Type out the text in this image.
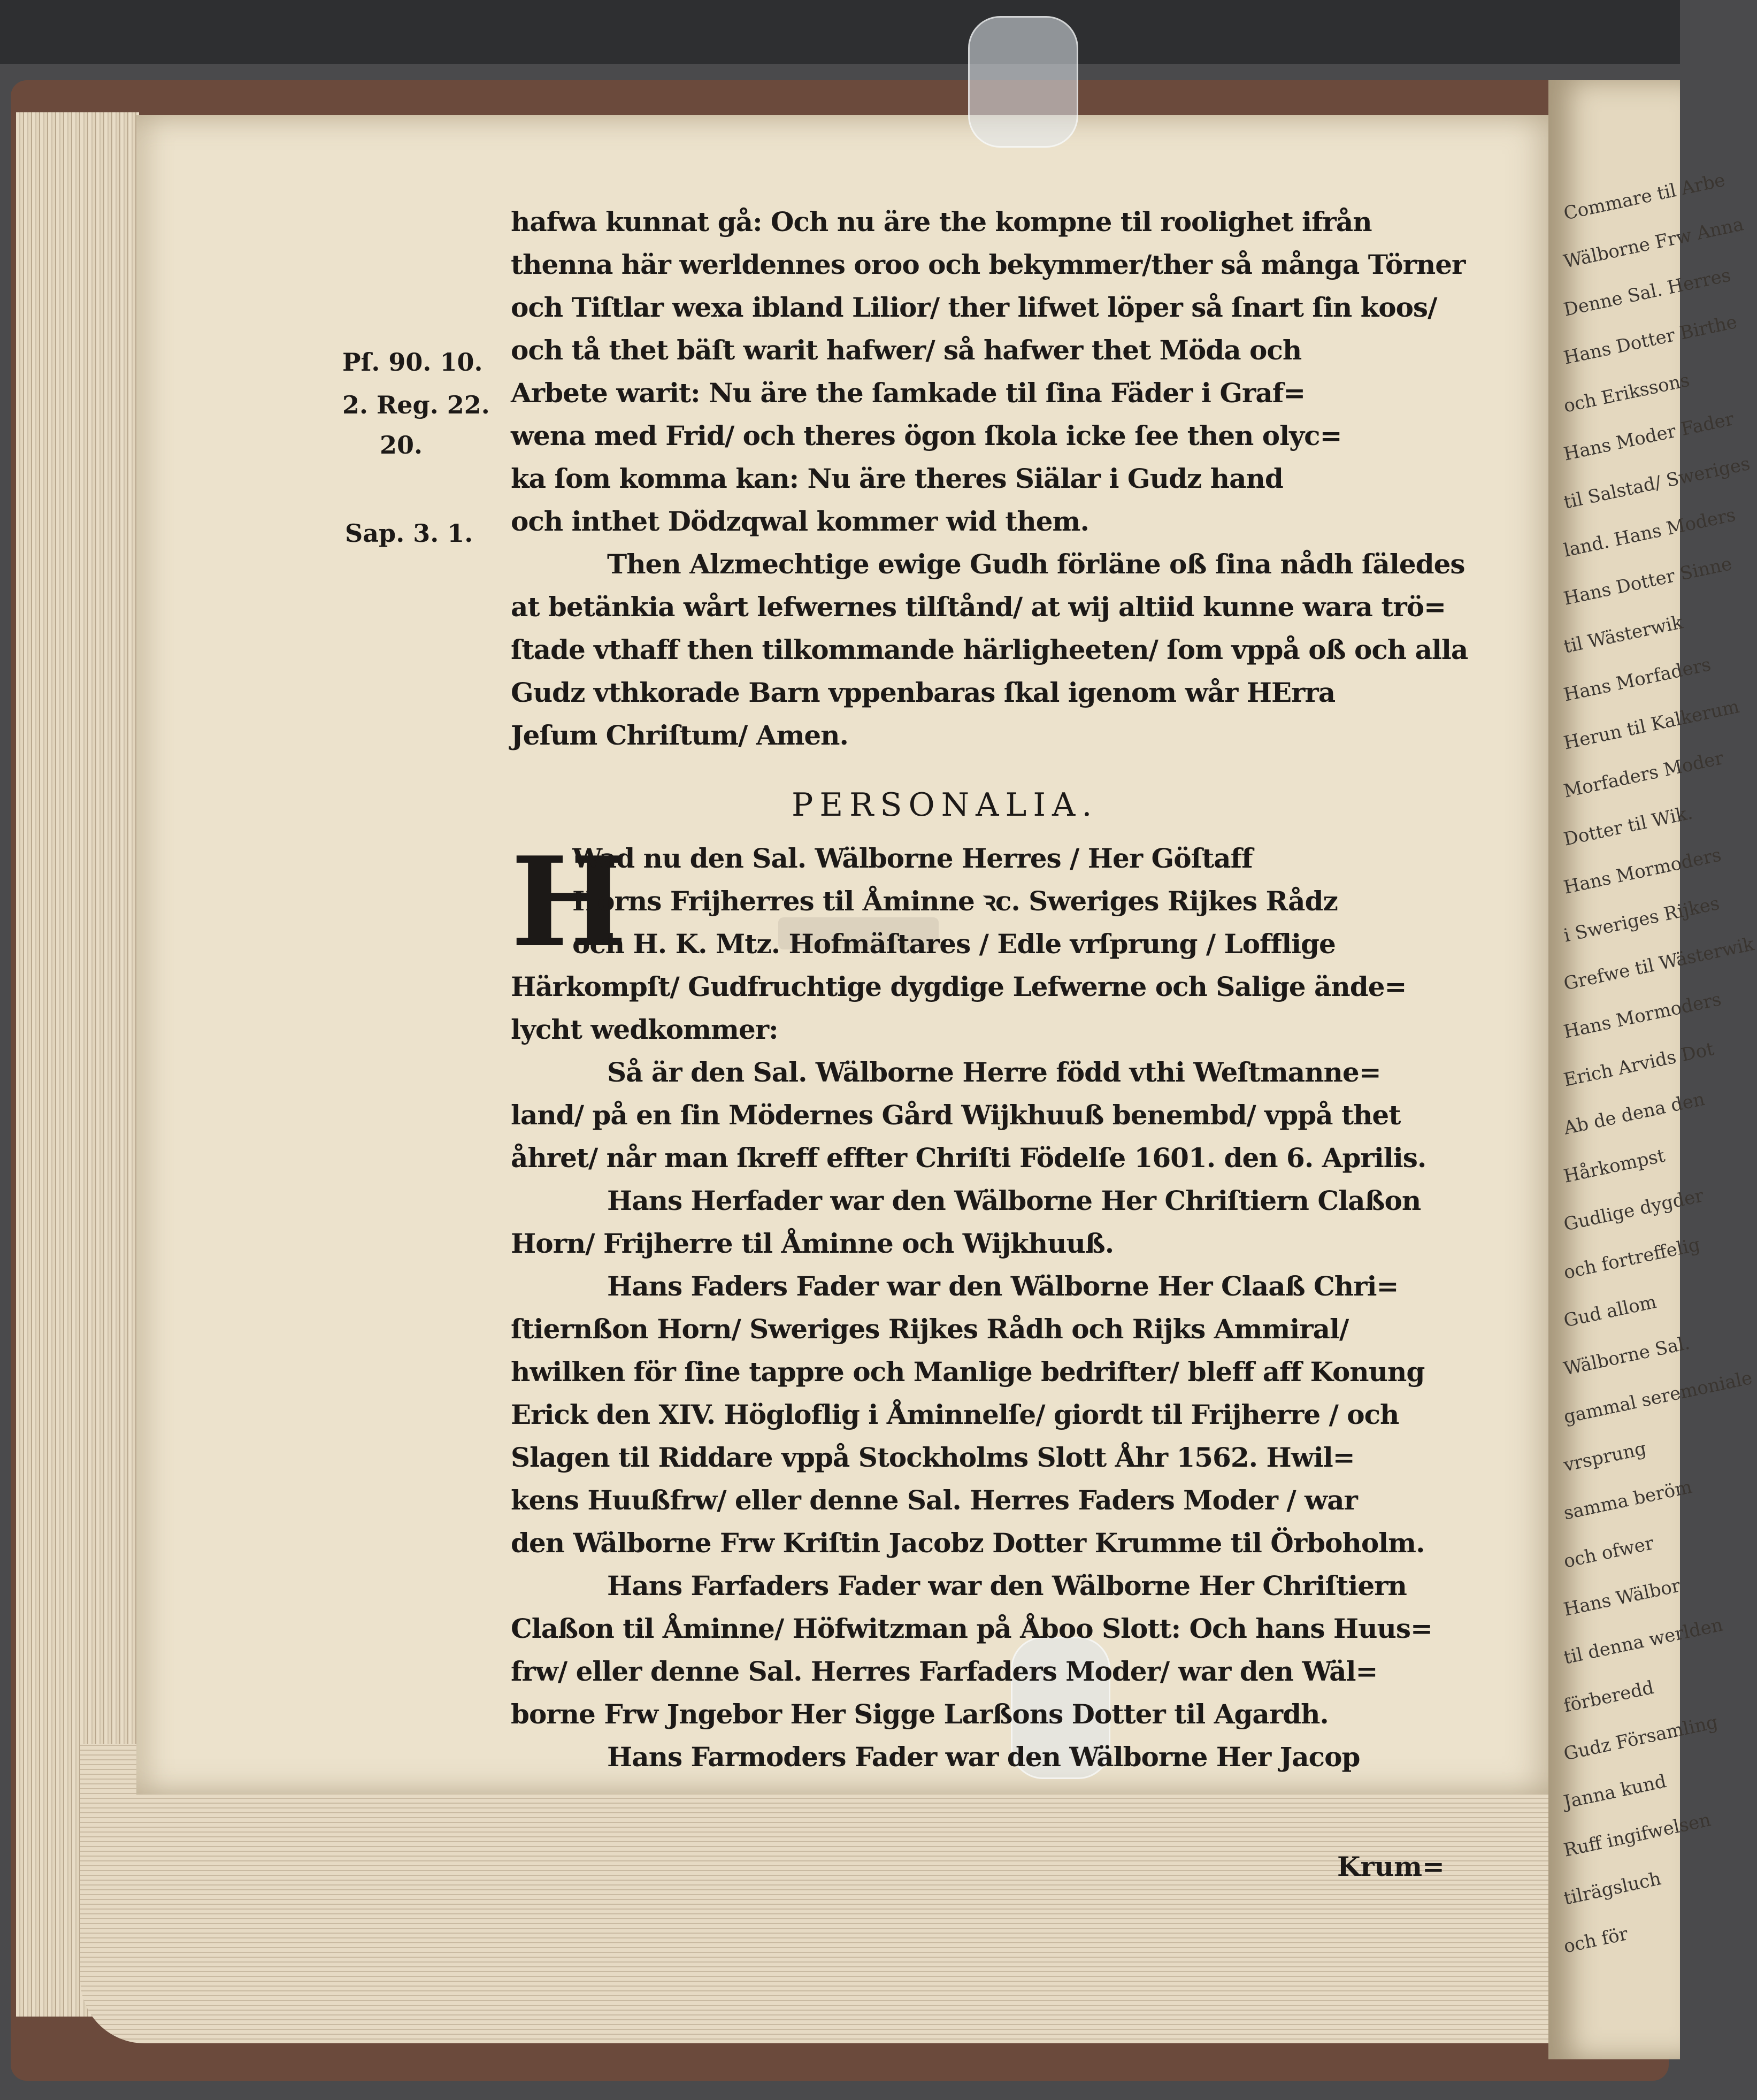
Commare til Arbe
Wälborne Frw Anna
Denne Sal. Herres
Hans Dotter Birthe
och Erikssons
Hans Moder Fader
til Salstad/ Sweriges
land. Hans Moders
Hans Dotter Sinne
til Wästerwik
Hans Morfaders
Herun til Kalkerum
Morfaders Moder
Dotter til Wik.
Hans Mormoders
i Sweriges Rijkes
Grefwe til Wästerwik
Hans Mormoders
Erich Arvids Dot
Ab de dena den
Hårkompst
Gudlige dygder
och fortreffelig
Gud allom
Wälborne Sal.
gammal seremoniale
vrsprung
samma beröm
och ofwer
Hans Wälbor
til denna werlden
förberedd
Gudz Församling
Janna kund
Ruff ingifwelsen
tilrägsluch
och för
Pſ. 90. 10.
2. Reg. 22.
20.
Sap. 3. 1.
hafwa kunnat gå: Och nu äre the kompne til roolighet ifrån
thenna här werldennes oroo och bekymmer/ther så många Törner
och Tiſtlar wexa ibland Lilior/ ther lifwet löper så ſnart ſin koos/
och tå thet bäſt warit hafwer/ så hafwer thet Möda och
Arbete warit: Nu äre the ſamkade til ſina Fäder i Graf=
wena med Frid/ och theres ögon ſkola icke ſee then olyc=
ka ſom komma kan: Nu äre theres Siälar i Gudz hand
och inthet Dödzqwal kommer wid them.
Then Alzmechtige ewige Gudh förläne oß ſina nådh ſäledes
at betänkia wårt lefwernes tilſtånd/ at wij altiid kunne wara trö=
ſtade vthaff then tilkommande härligheeten/ ſom vppå oß och alla
Gudz vthkorade Barn vppenbaras ſkal igenom wår HErra
Jeſum Chriſtum/ Amen.
PERSONALIA.
H
Wad nu den Sal. Wälborne Herres / Her Göſtaff
Horns Frijherres til Åminne ꝛc. Sweriges Rijkes Rådz
och H. K. Mtz. Hofmäſtares / Edle vrſprung / Lofflige
Härkompſt/ Gudfruchtige dygdige Lefwerne och Salige ände=
lycht wedkommer:
Så är den Sal. Wälborne Herre född vthi Weſtmanne=
land/ på en ſin Mödernes Gård Wijkhuuß benembd/ vppå thet
åhret/ når man ſkreff effter Chriſti Födelſe 1601. den 6. Aprilis.
Hans Herfader war den Wälborne Her Chriſtiern Claßon
Horn/ Frijherre til Åminne och Wijkhuuß.
Hans Faders Fader war den Wälborne Her Claaß Chri=
ſtiernßon Horn/ Sweriges Rijkes Rådh och Rijks Ammiral/
hwilken för ſine tappre och Manlige bedrifter/ bleff aff Konung
Erick den XIV. Högloflig i Åminnelſe/ giordt til Frijherre / och
Slagen til Riddare vppå Stockholms Slott Åhr 1562. Hwil=
kens Huußfrw/ eller denne Sal. Herres Faders Moder / war
den Wälborne Frw Kriſtin Jacobz Dotter Krumme til Örboholm.
Hans Farfaders Fader war den Wälborne Her Chriſtiern
Claßon til Åminne/ Höfwitzman på Åboo Slott: Och hans Huus=
frw/ eller denne Sal. Herres Farfaders Moder/ war den Wäl=
borne Frw Jngebor Her Sigge Larßons Dotter til Agardh.
Hans Farmoders Fader war den Wälborne Her Jacop
Krum=
